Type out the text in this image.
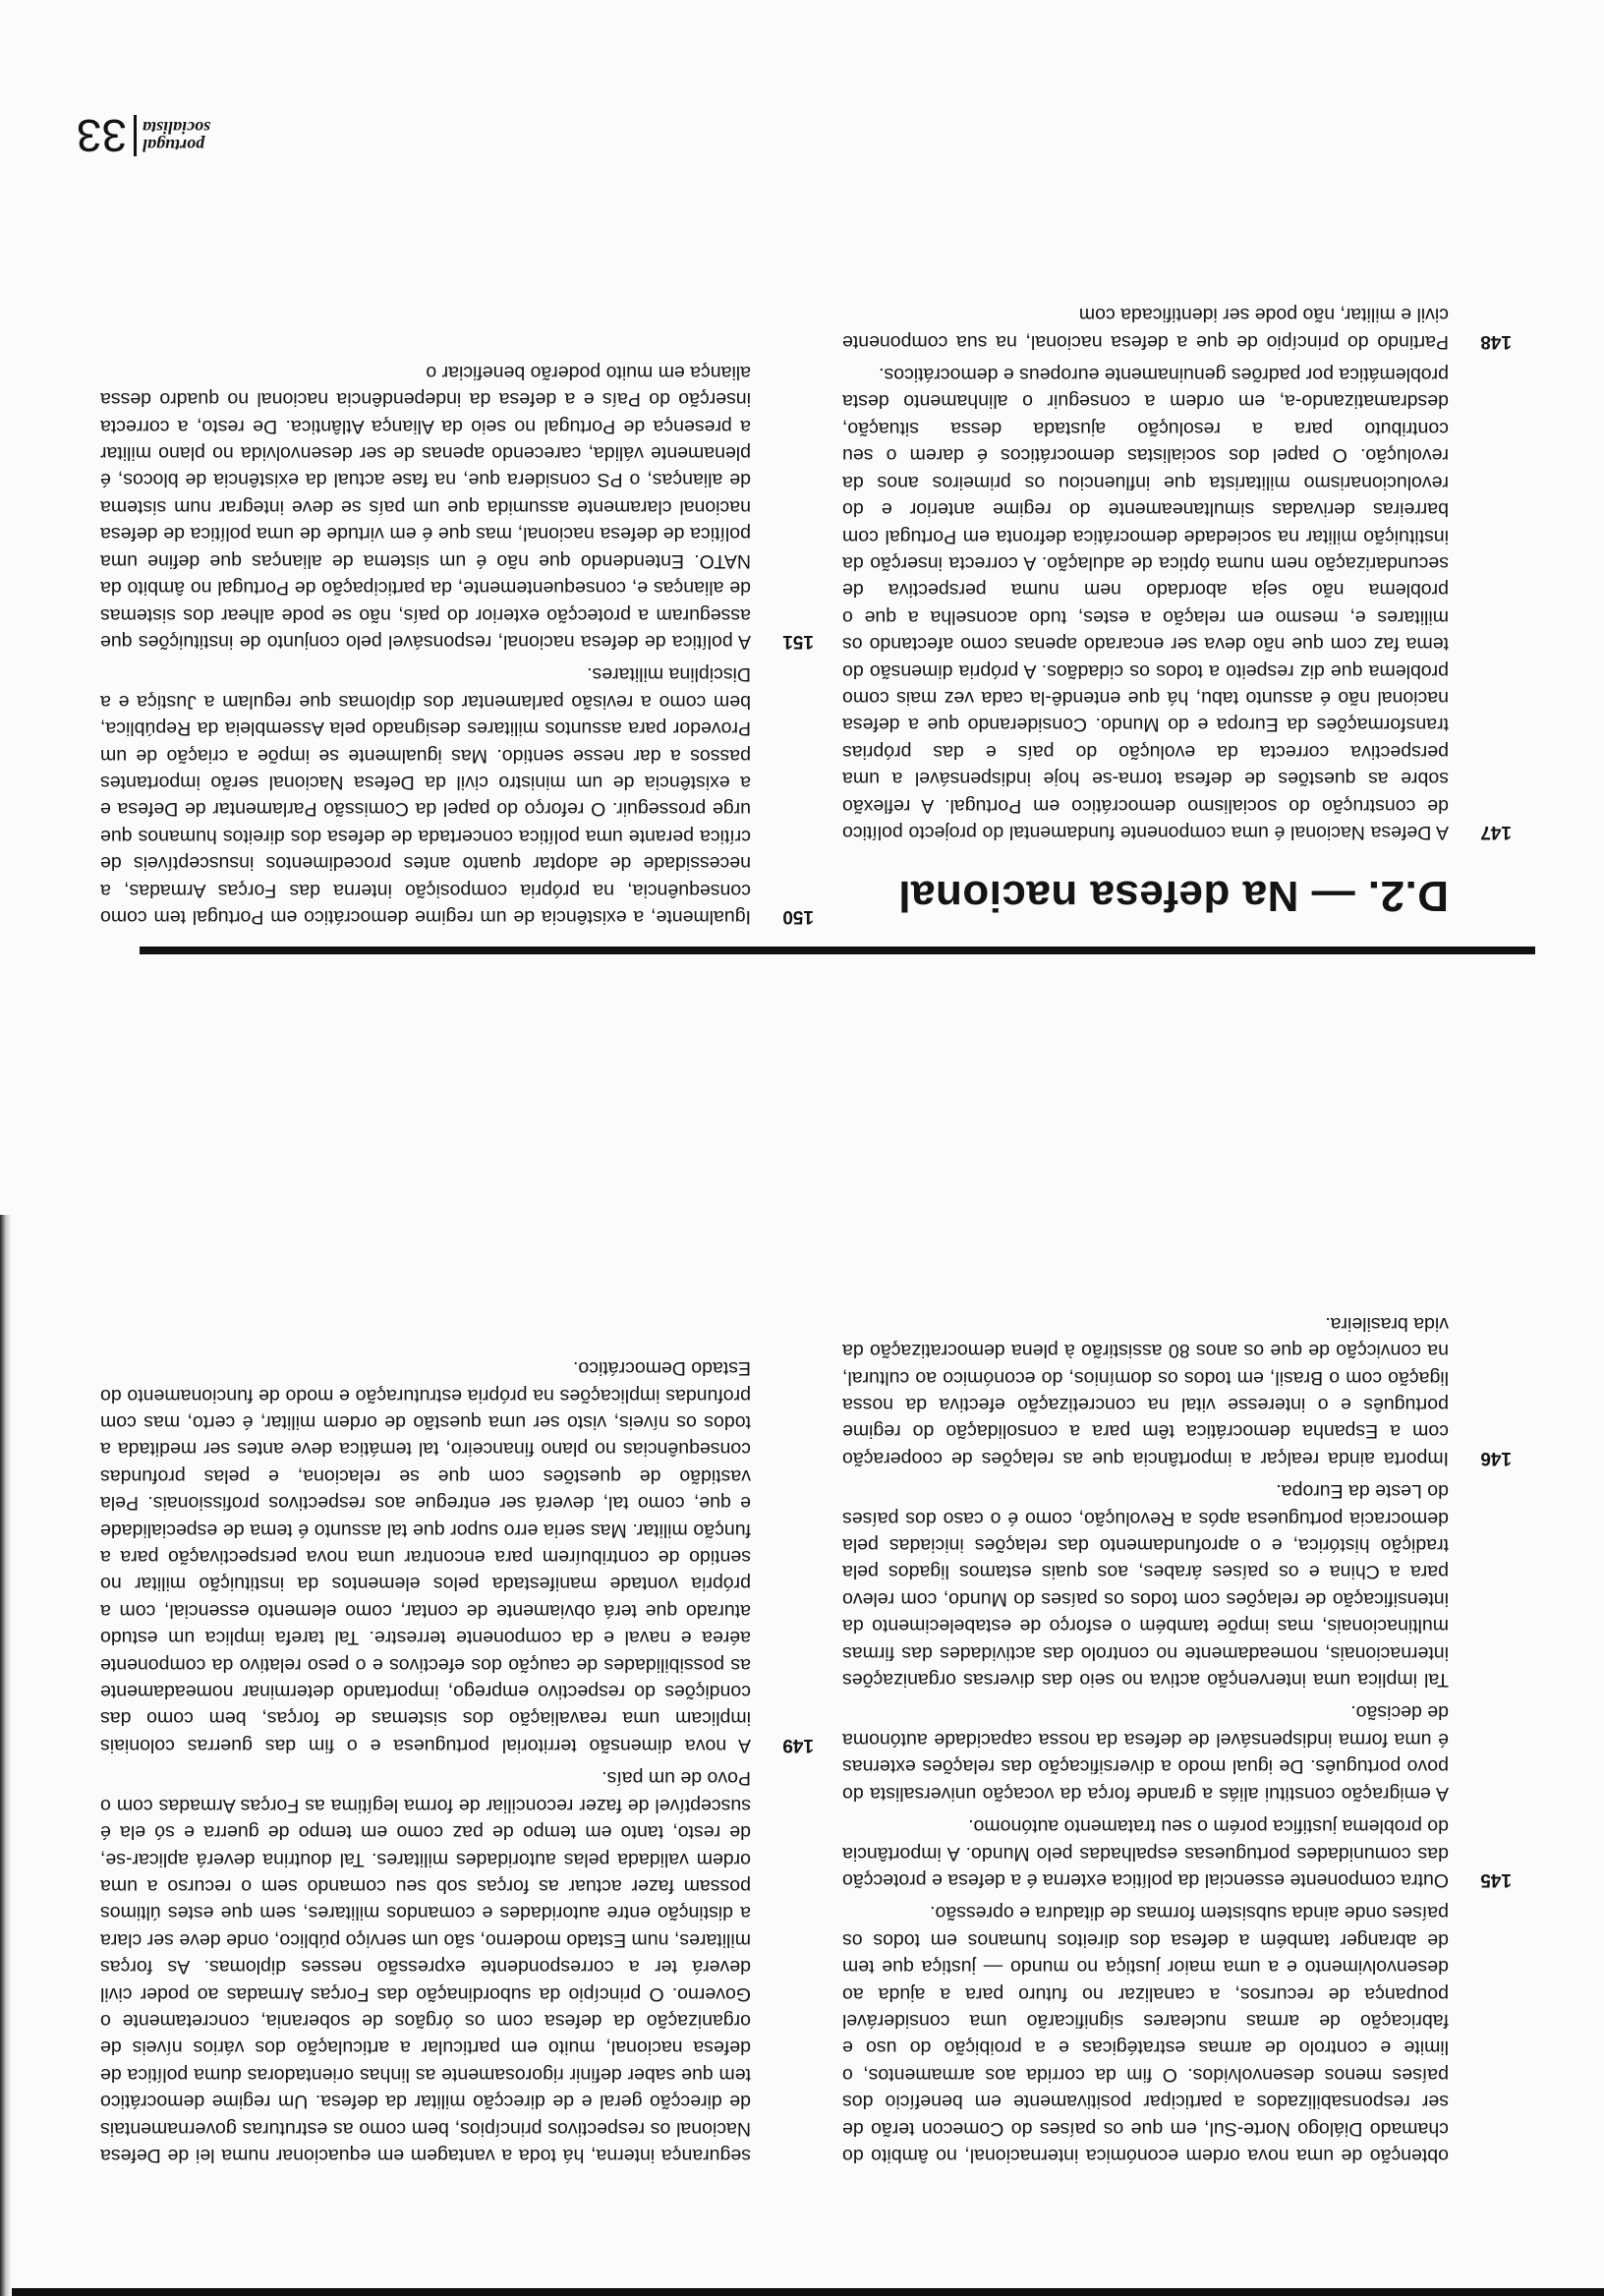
obtenção de uma nova ordem económica internacional, no âmbito do chamado Diálogo Norte-Sul, em que os países do Comecon terão de ser responsabilizados a participar positivamente em benefício dos países menos desenvolvidos. O fim da corrida aos armamentos, o limite e controlo de armas estratégicas e a proibição do uso e fabricação de armas nucleares significarão uma considerável poupança de recursos, a canalizar no futuro para a ajuda ao desenvolvimento e a uma maior justiça no mundo — justiça que tem de abranger também a defesa dos direitos humanos em todos os países onde ainda subsistem formas de ditadura e opressão.

145
Outra componente essencial da política externa é a defesa e protecção das comunidades portuguesas espalhadas pelo Mundo. A importância do problema justifica porém o seu tratamento autónomo.

A emigração constitui aliás a grande força da vocação universalista do povo português. De igual modo a diversificação das relações externas é uma forma indispensável de defesa da nossa capacidade autónoma de decisão.

Tal implica uma intervenção activa no seio das diversas organizações internacionais, nomeadamente no controlo das actividades das firmas multinacionais, mas impõe também o esforço de estabelecimento da intensificação de relações com todos os países do Mundo, com relevo para a China e os países árabes, aos quais estamos ligados pela tradição histórica, e o aprofundamento das relações iniciadas pela democracia portuguesa após a Revolução, como é o caso dos países do Leste da Europa.

146
Importa ainda realçar a importância que as relações de cooperação com a Espanha democrática têm para a consolidação do regime português e o interesse vital na concretização efectiva da nossa ligação com o Brasil, em todos os domínios, do económico ao cultural, na convicção de que os anos 80 assistirão à plena democratização da vida brasileira.

segurança interna, há toda a vantagem em equacionar numa lei de Defesa Nacional os respectivos princípios, bem como as estruturas governamentais de direcção geral e de direcção militar da defesa. Um regime democrático tem que saber definir rigorosamente as linhas orientadoras duma política de defesa nacional, muito em particular a articulação dos vários níveis de organização da defesa com os órgãos de soberania, concretamente o Governo. O princípio da subordinação das Forças Armadas ao poder civil deverá ter a correspondente expressão nesses diplomas. As forças militares, num Estado moderno, são um serviço público, onde deve ser clara a distinção entre autoridades e comandos militares, sem que estes últimos possam fazer actuar as forças sob seu comando sem o recurso a uma ordem validada pelas autoridades militares. Tal doutrina deverá aplicar-se, de resto, tanto em tempo de paz como em tempo de guerra e só ela é susceptível de fazer reconciliar de forma legítima as Forças Armadas com o Povo de um país.

149
A nova dimensão territorial portuguesa e o fim das guerras coloniais implicam uma reavaliação dos sistemas de forças, bem como das condições do respectivo emprego, importando determinar nomeadamente as possibilidades de caução dos efectivos e o peso relativo da componente aérea e naval e da componente terrestre. Tal tarefa implica um estudo aturado que terá obviamente de contar, como elemento essencial, com a própria vontade manifestada pelos elementos da instituição militar no sentido de contribuírem para encontrar uma nova perspectivação para a função militar. Mas seria erro supor que tal assunto é tema de especialidade e que, como tal, deverá ser entregue aos respectivos profissionais. Pela vastidão de questões com que se relaciona, e pelas profundas consequências no plano financeiro, tal temática deve antes ser meditada a todos os níveis, visto ser uma questão de ordem militar, é certo, mas com profundas implicações na própria estruturação e modo de funcionamento do Estado Democrático.
D.2. — Na defesa nacional
147
A Defesa Nacional é uma componente fundamental do projecto político de construção do socialismo democrático em Portugal. A reflexão sobre as questões de defesa torna-se hoje indispensável a uma perspectiva correcta da evolução do país e das próprias transformações da Europa e do Mundo. Considerando que a defesa nacional não é assunto tabu, há que entendê-la cada vez mais como problema que diz respeito a todos os cidadãos. A própria dimensão do tema faz com que não deva ser encarado apenas como afectando os militares e, mesmo em relação a estes, tudo aconselha a que o problema não seja abordado nem numa perspectiva de secundarização nem numa óptica de adulação. A correcta inserção da instituição militar na sociedade democrática defronta em Portugal com barreiras derivadas simultaneamente do regime anterior e do revolucionarismo militarista que influenciou os primeiros anos da revolução. O papel dos socialistas democráticos é darem o seu contributo para a resolução ajustada dessa situação, desdramatizando-a, em ordem a conseguir o alinhamento desta problemática por padrões genuinamente europeus e democráticos.
148
Partindo do princípio de que a defesa nacional, na sua componente civil e militar, não pode ser identificada com
150
Igualmente, a existência de um regime democrático em Portugal tem como consequência, na própria composição interna das Forças Armadas, a necessidade de adoptar quanto antes procedimentos insusceptíveis de crítica perante uma política concertada de defesa dos direitos humanos que urge prosseguir. O reforço do papel da Comissão Parlamentar de Defesa e a existência de um ministro civil da Defesa Nacional serão importantes passos a dar nesse sentido. Mas igualmente se impõe a criação de um Provedor para assuntos militares designado pela Assembleia da República, bem como a revisão parlamentar dos diplomas que regulam a Justiça e a Disciplina militares.
151
A política de defesa nacional, responsável pelo conjunto de instituições que asseguram a protecção exterior do país, não se pode alhear dos sistemas de alianças e, consequentemente, da participação de Portugal no âmbito da NATO. Entendendo que não é um sistema de alianças que define uma política de defesa nacional, mas que é em virtude de uma política de defesa nacional claramente assumida que um país se deve integrar num sistema de alianças, o PS considera que, na fase actual da existência de blocos, é plenamente válida, carecendo apenas de ser desenvolvida no plano militar a presença de Portugal no seio da Aliança Atlântica. De resto, a correcta inserção do País e a defesa da independência nacional no quadro dessa aliança em muito poderão beneficiar o
portugal socialista
33
